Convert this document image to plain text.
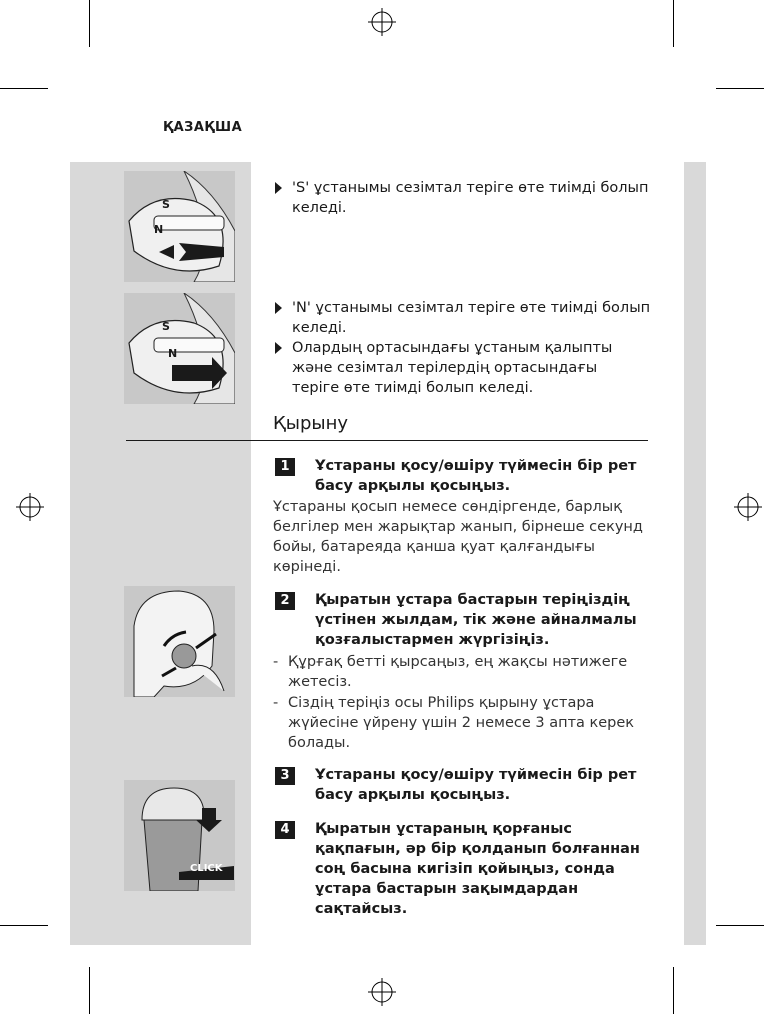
ҚАЗАҚША
S
N
S
N
CLICK
'S' ұстанымы сезімтал теріге өте тиімді болып келеді.
'N' ұстанымы сезімтал теріге өте тиімді болып келеді.
Олардың ортасындағы ұстаным қалыпты және сезімтал терілердің ортасындағы теріге өте тиімді болып келеді.
Қырыну
1	Ұстараны қосу/өшіру түймесін бір рет басу арқылы қосыңыз.
Ұстараны қосып немесе сөндіргенде, барлық белгілер мен жарықтар жанып, бірнеше секунд бойы, батареяда қанша қуат қалғандығы көрінеді.
2	Қыратын ұстара бастарын теріңіздің үстінен жылдам, тік және айналмалы қозғалыстармен жүргізіңіз.
- Құрғақ бетті қырсаңыз, ең жақсы нәтижеге жетесіз.
- Сіздің теріңіз осы Philips қырыну ұстара жүйесіне үйрену үшін 2 немесе 3 апта керек болады.
3	Ұстараны қосу/өшіру түймесін бір рет басу арқылы қосыңыз.
4	Қыратын ұстараның қорғаныс қақпағын, әр бір қолданып болғаннан соң басына кигізіп қойыңыз, сонда ұстара бастарын зақымдардан сақтайсыз.
